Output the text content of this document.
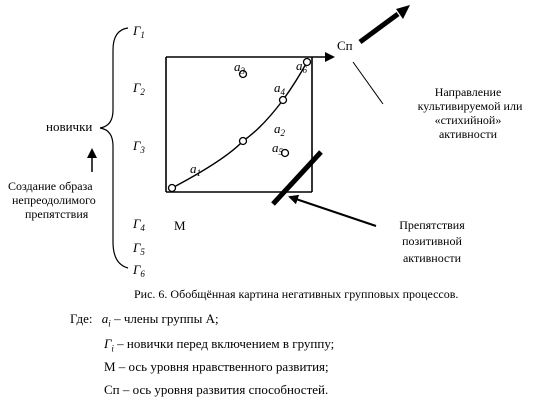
$Г_1$
$Г_2$
$Г_3$
$Г_4$
$Г_5$
$Г_6$
новички
Создание образа
непреодолимого
препятствия
М
Сп
Направление
культивируемой или
«стихийной»
активности
$a_1$
$a_2$
$a_3$
$a_4$
$a_5$
$a_6$
Препятствия
позитивной
активности
Рис. 6. Обобщённая картина негативных групповых процессов.
Где: $a_i$ – члены группы А;
$Г_i$ – новички перед включением в группу;
М – ось уровня нравственного развития;
Сп – ось уровня развития способностей.
